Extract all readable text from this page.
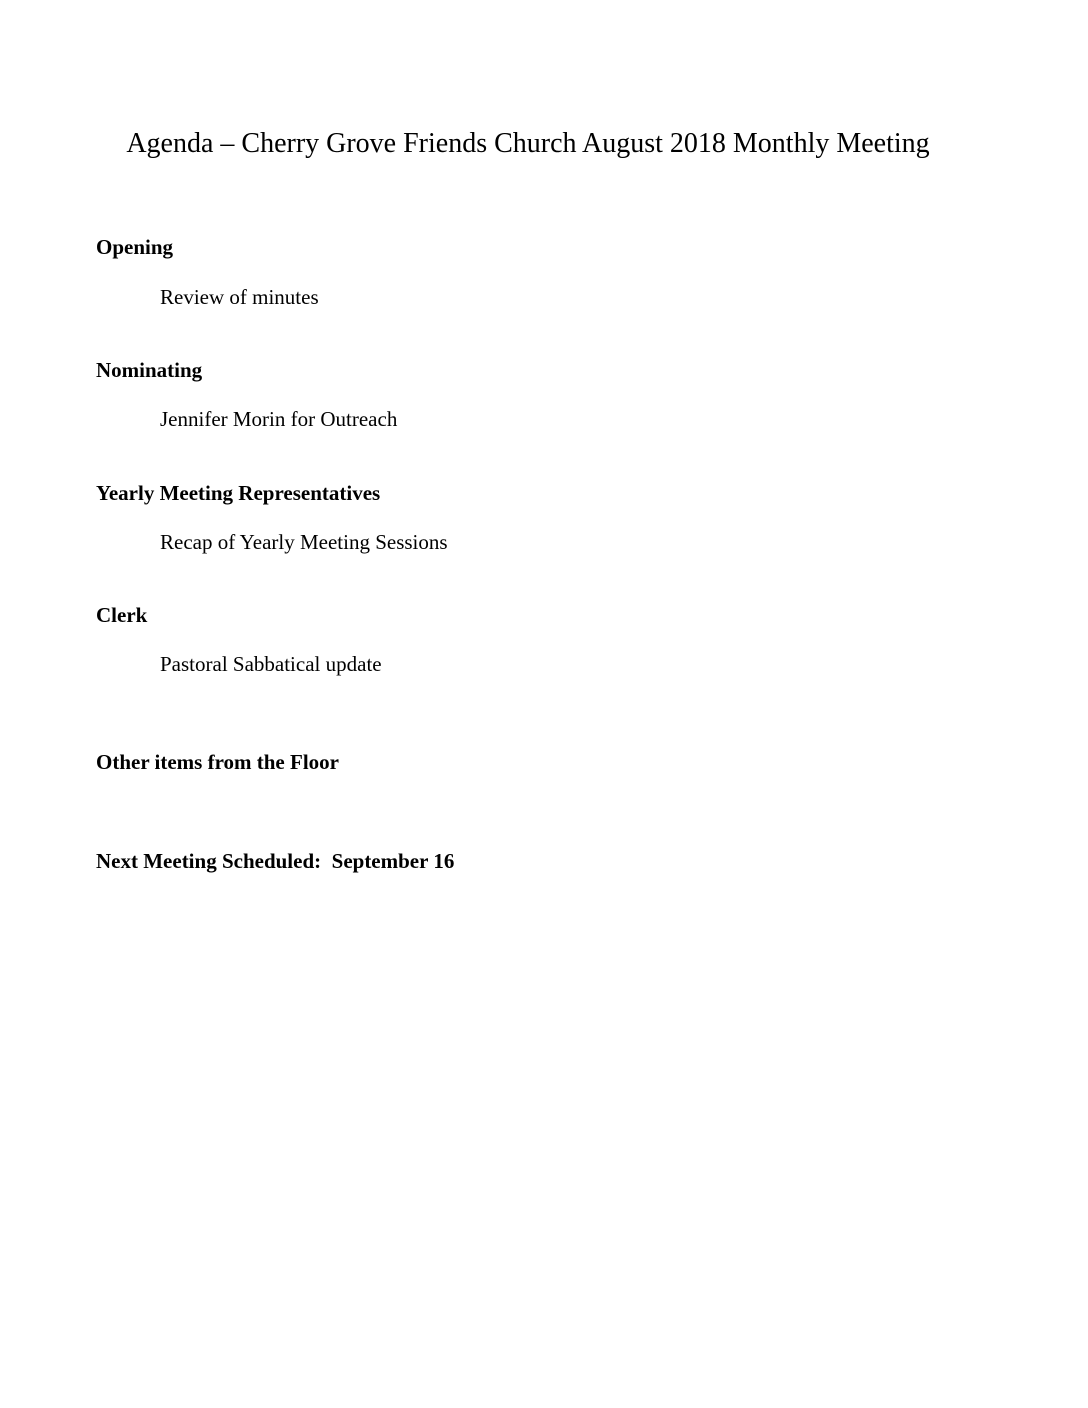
Agenda – Cherry Grove Friends Church August 2018 Monthly Meeting
Opening

Review of minutes

Nominating

Jennifer Morin for Outreach

Yearly Meeting Representatives

Recap of Yearly Meeting Sessions

Clerk

Pastoral Sabbatical update

Other items from the Floor
Next Meeting Scheduled:  September 16
